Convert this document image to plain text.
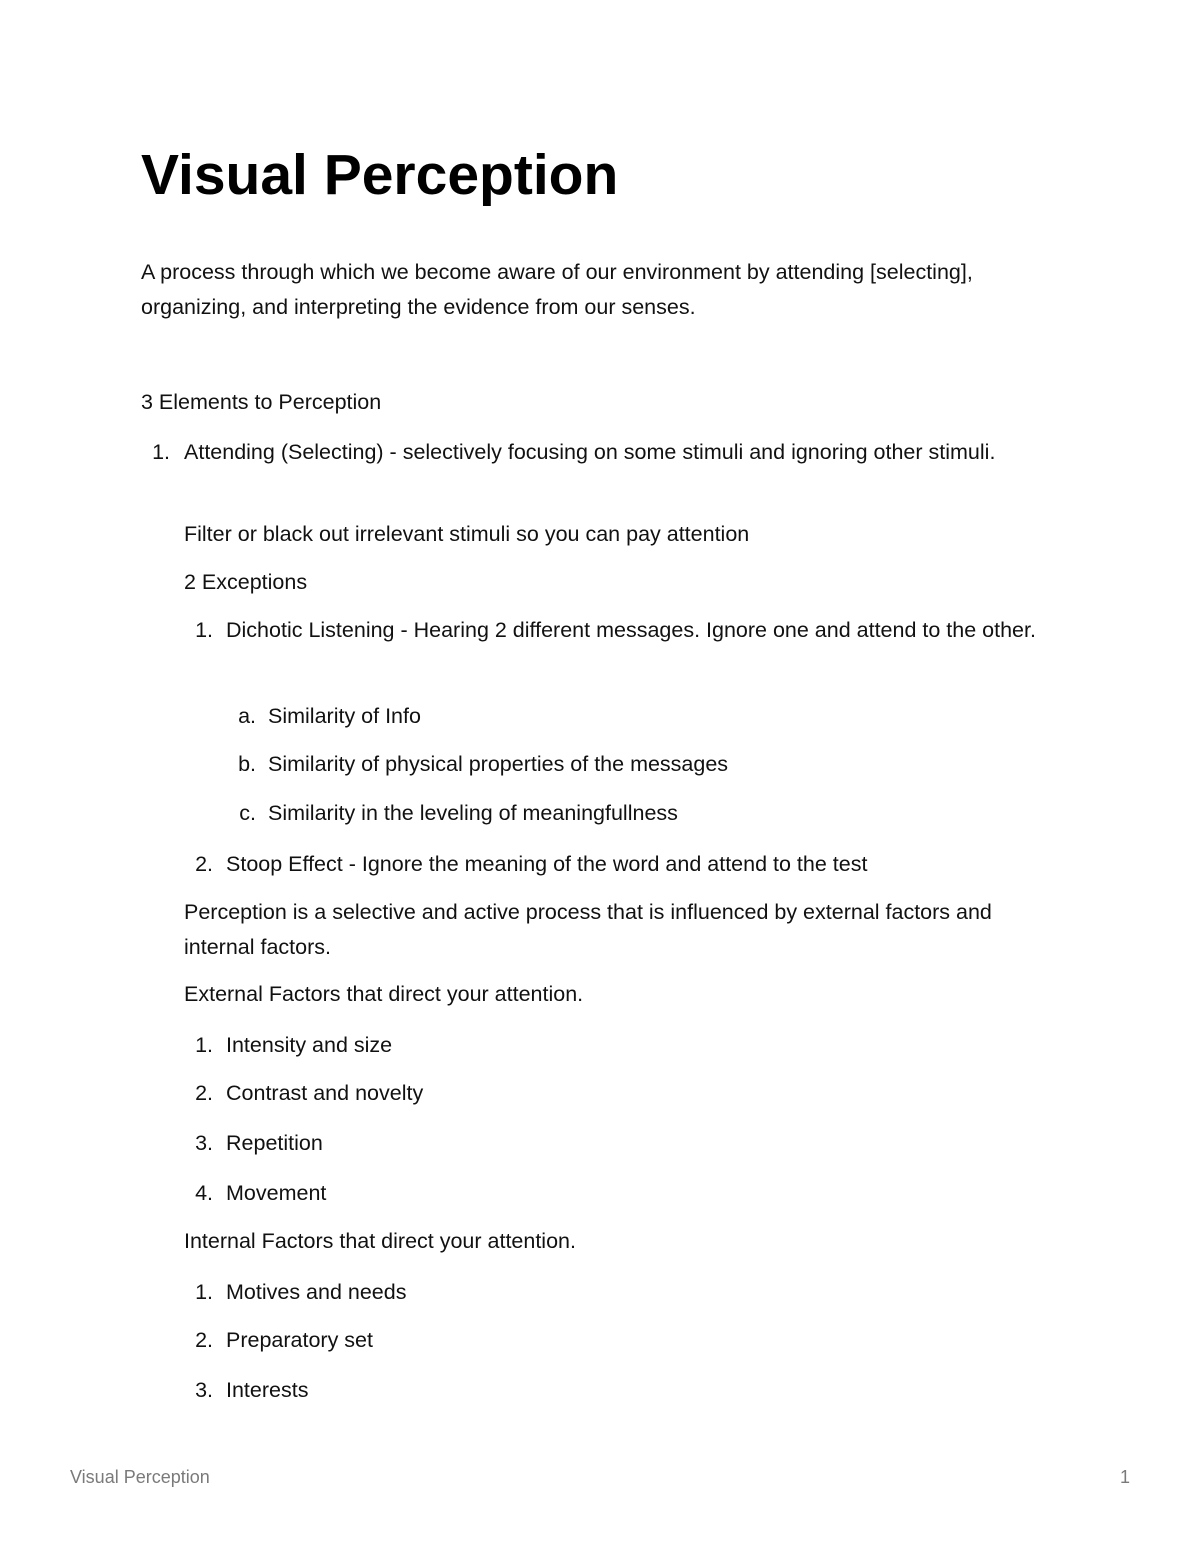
Visual Perception
A process through which we become aware of our environment by attending [selecting], organizing, and interpreting the evidence from our senses.
3 Elements to Perception
1. Attending (Selecting) - selectively focusing on some stimuli and ignoring other stimuli.
Filter or black out irrelevant stimuli so you can pay attention
2 Exceptions
1. Dichotic Listening - Hearing 2 different messages. Ignore one and attend to the other.
a. Similarity of Info
b. Similarity of physical properties of the messages
c. Similarity in the leveling of meaningfullness
2. Stoop Effect - Ignore the meaning of the word and attend to the test
Perception is a selective and active process that is influenced by external factors and internal factors.
External Factors that direct your attention.
1. Intensity and size
2. Contrast and novelty
3. Repetition
4. Movement
Internal Factors that direct your attention.
1. Motives and needs
2. Preparatory set
3. Interests
Visual Perception	1
